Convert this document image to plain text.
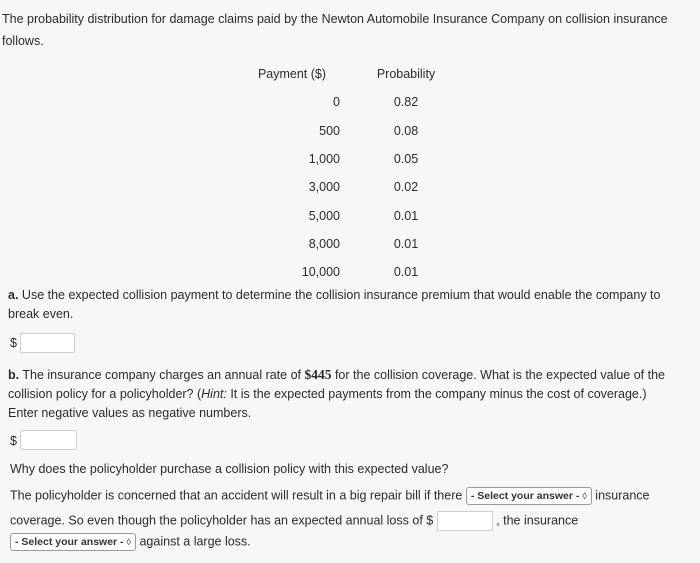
The probability distribution for damage claims paid by the Newton Automobile Insurance Company on collision insurance follows.
Payment ($)	Probability
0	0.82
500	0.08
1,000	0.05
3,000	0.02
5,000	0.01
8,000	0.01
10,000	0.01
a. Use the expected collision payment to determine the collision insurance premium that would enable the company to break even.
$
b. The insurance company charges an annual rate of $445 for the collision coverage. What is the expected value of the collision policy for a policyholder? (Hint: It is the expected payments from the company minus the cost of coverage.)
Enter negative values as negative numbers.
$
Why does the policyholder purchase a collision policy with this expected value?
The policyholder is concerned that an accident will result in a big repair bill if there - Select your answer - ◊ insurance
coverage. So even though the policyholder has an expected annual loss of $	, the insurance
- Select your answer - ◊ against a large loss.
